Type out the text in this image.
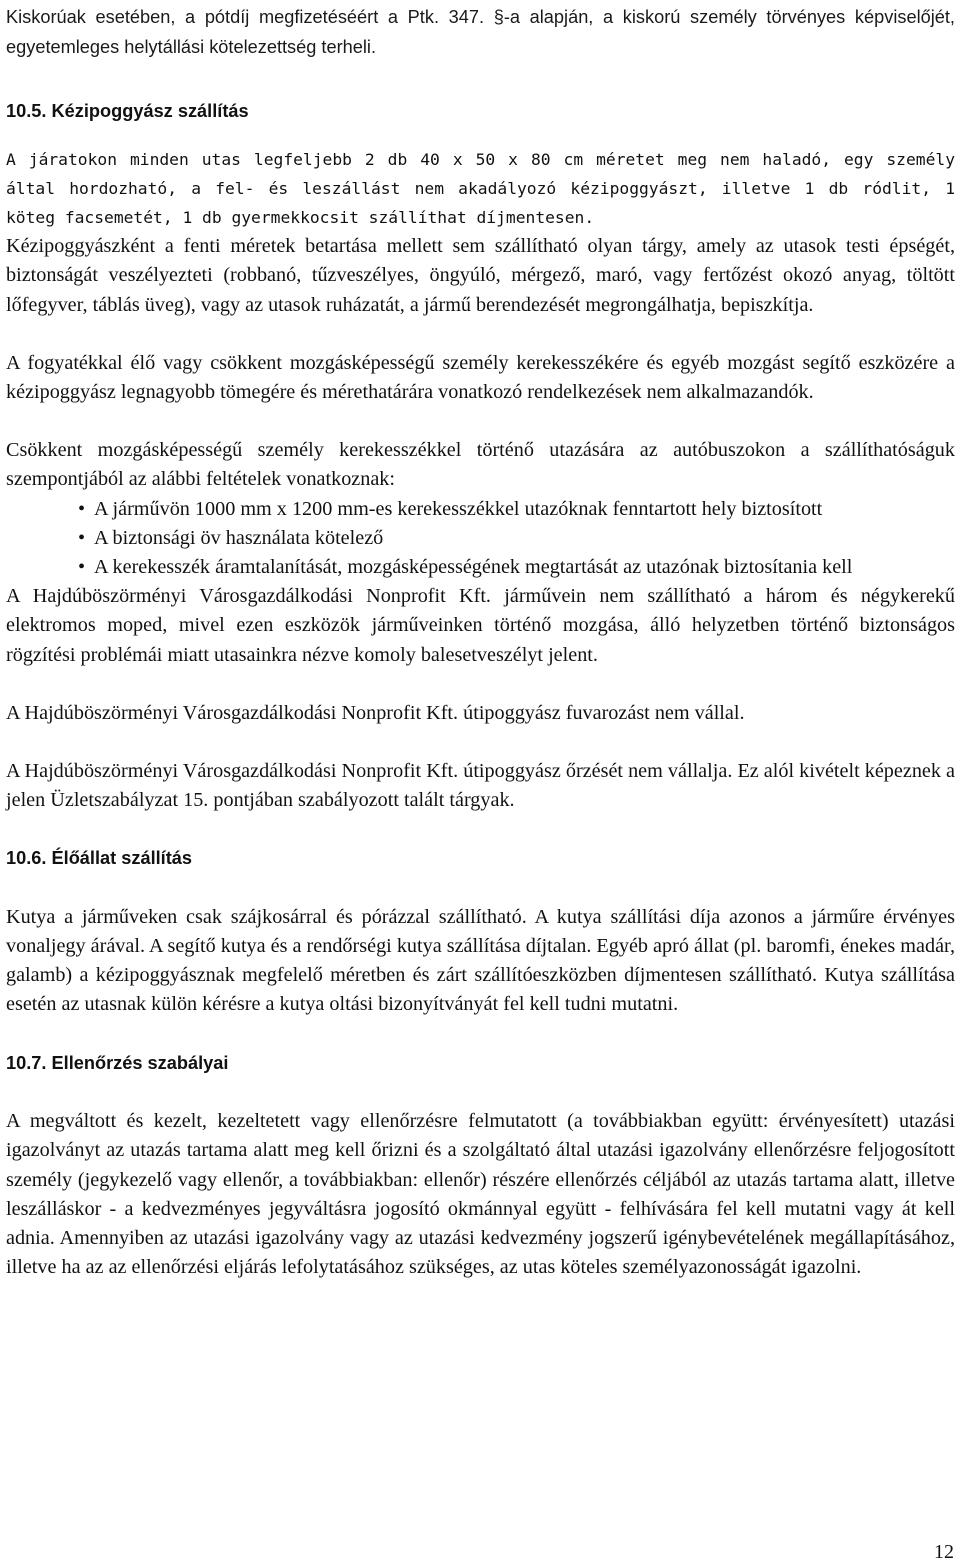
Kiskorúak esetében, a pótdíj megfizetéséért a Ptk. 347. §-a alapján, a kiskorú személy törvényes képviselőjét, egyetemleges helytállási kötelezettség terheli.

10.5. Kézipoggyász szállítás

A járatokon minden utas legfeljebb 2 db 40 x 50 x 80 cm méretet meg nem haladó, egy személy által hordozható, a fel- és leszállást nem akadályozó kézipoggyászt, illetve 1 db ródlit, 1 köteg facsemetét, 1 db gyermekkocsit szállíthat díjmentesen.

Kézipoggyászként a fenti méretek betartása mellett sem szállítható olyan tárgy, amely az utasok testi épségét, biztonságát veszélyezteti (robbanó, tűzveszélyes, öngyúló, mérgező, maró, vagy fertőzést okozó anyag, töltött lőfegyver, táblás üveg), vagy az utasok ruházatát, a jármű berendezését megrongálhatja, bepiszkítja.

A fogyatékkal élő vagy csökkent mozgásképességű személy kerekesszékére és egyéb mozgást segítő eszközére a kézipoggyász legnagyobb tömegére és mérethatárára vonatkozó rendelkezések nem alkalmazandók.

Csökkent mozgásképességű személy kerekesszékkel történő utazására az autóbuszokon a szállíthatóságuk szempontjából az alábbi feltételek vonatkoznak:

• A járművön 1000 mm x 1200 mm-es kerekesszékkel utazóknak fenntartott hely biztosított
• A biztonsági öv használata kötelező
• A kerekesszék áramtalanítását, mozgásképességének megtartását az utazónak biztosítania kell

A Hajdúböszörményi Városgazdálkodási Nonprofit Kft. járművein nem szállítható a három és négykerekű elektromos moped, mivel ezen eszközök járműveinken történő mozgása, álló helyzetben történő biztonságos rögzítési problémái miatt utasainkra nézve komoly balesetveszélyt jelent.

A Hajdúböszörményi Városgazdálkodási Nonprofit Kft. útipoggyász fuvarozást nem vállal.

A Hajdúböszörményi Városgazdálkodási Nonprofit Kft. útipoggyász őrzését nem vállalja. Ez alól kivételt képeznek a jelen Üzletszabályzat 15. pontjában szabályozott talált tárgyak.

10.6. Élőállat szállítás

Kutya a járműveken csak szájkosárral és pórázzal szállítható. A kutya szállítási díja azonos a járműre érvényes vonaljegy árával. A segítő kutya és a rendőrségi kutya szállítása díjtalan. Egyéb apró állat (pl. baromfi, énekes madár, galamb) a kézipoggyásznak megfelelő méretben és zárt szállítóeszközben díjmentesen szállítható. Kutya szállítása esetén az utasnak külön kérésre a kutya oltási bizonyítványát fel kell tudni mutatni.

10.7. Ellenőrzés szabályai

A megváltott és kezelt, kezeltetett vagy ellenőrzésre felmutatott (a továbbiakban együtt: érvényesített) utazási igazolványt az utazás tartama alatt meg kell őrizni és a szolgáltató által utazási igazolvány ellenőrzésre feljogosított személy (jegykezelő vagy ellenőr, a továbbiakban: ellenőr) részére ellenőrzés céljából az utazás tartama alatt, illetve leszálláskor - a kedvezményes jegyváltásra jogosító okmánnyal együtt - felhívására fel kell mutatni vagy át kell adnia. Amennyiben az utazási igazolvány vagy az utazási kedvezmény jogszerű igénybevételének megállapításához, illetve ha az az ellenőrzési eljárás lefolytatásához szükséges, az utas köteles személyazonosságát igazolni.

12
